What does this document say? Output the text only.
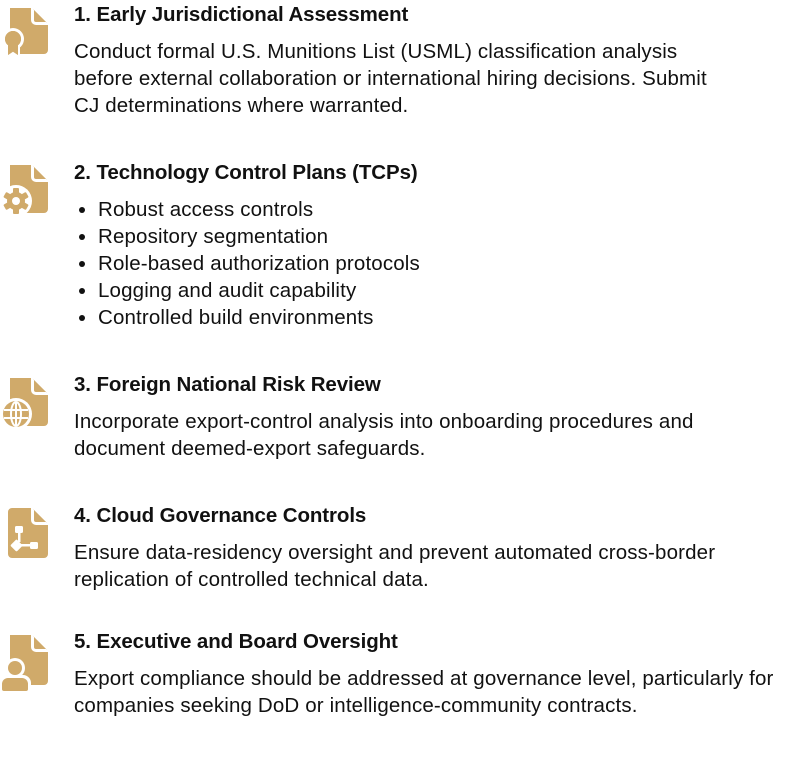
1. Early Jurisdictional Assessment

Conduct formal U.S. Munitions List (USML) classification analysis before external collaboration or international hiring decisions. Submit CJ determinations where warranted.

2. Technology Control Plans (TCPs)
Robust access controls
Repository segmentation
Role-based authorization protocols
Logging and audit capability
Controlled build environments
3. Foreign National Risk Review

Incorporate export-control analysis into onboarding procedures and document deemed-export safeguards.

4. Cloud Governance Controls

Ensure data-residency oversight and prevent automated cross-border replication of controlled technical data.

5. Executive and Board Oversight

Export compliance should be addressed at governance level, particularly for companies seeking DoD or intelligence-community contracts.
